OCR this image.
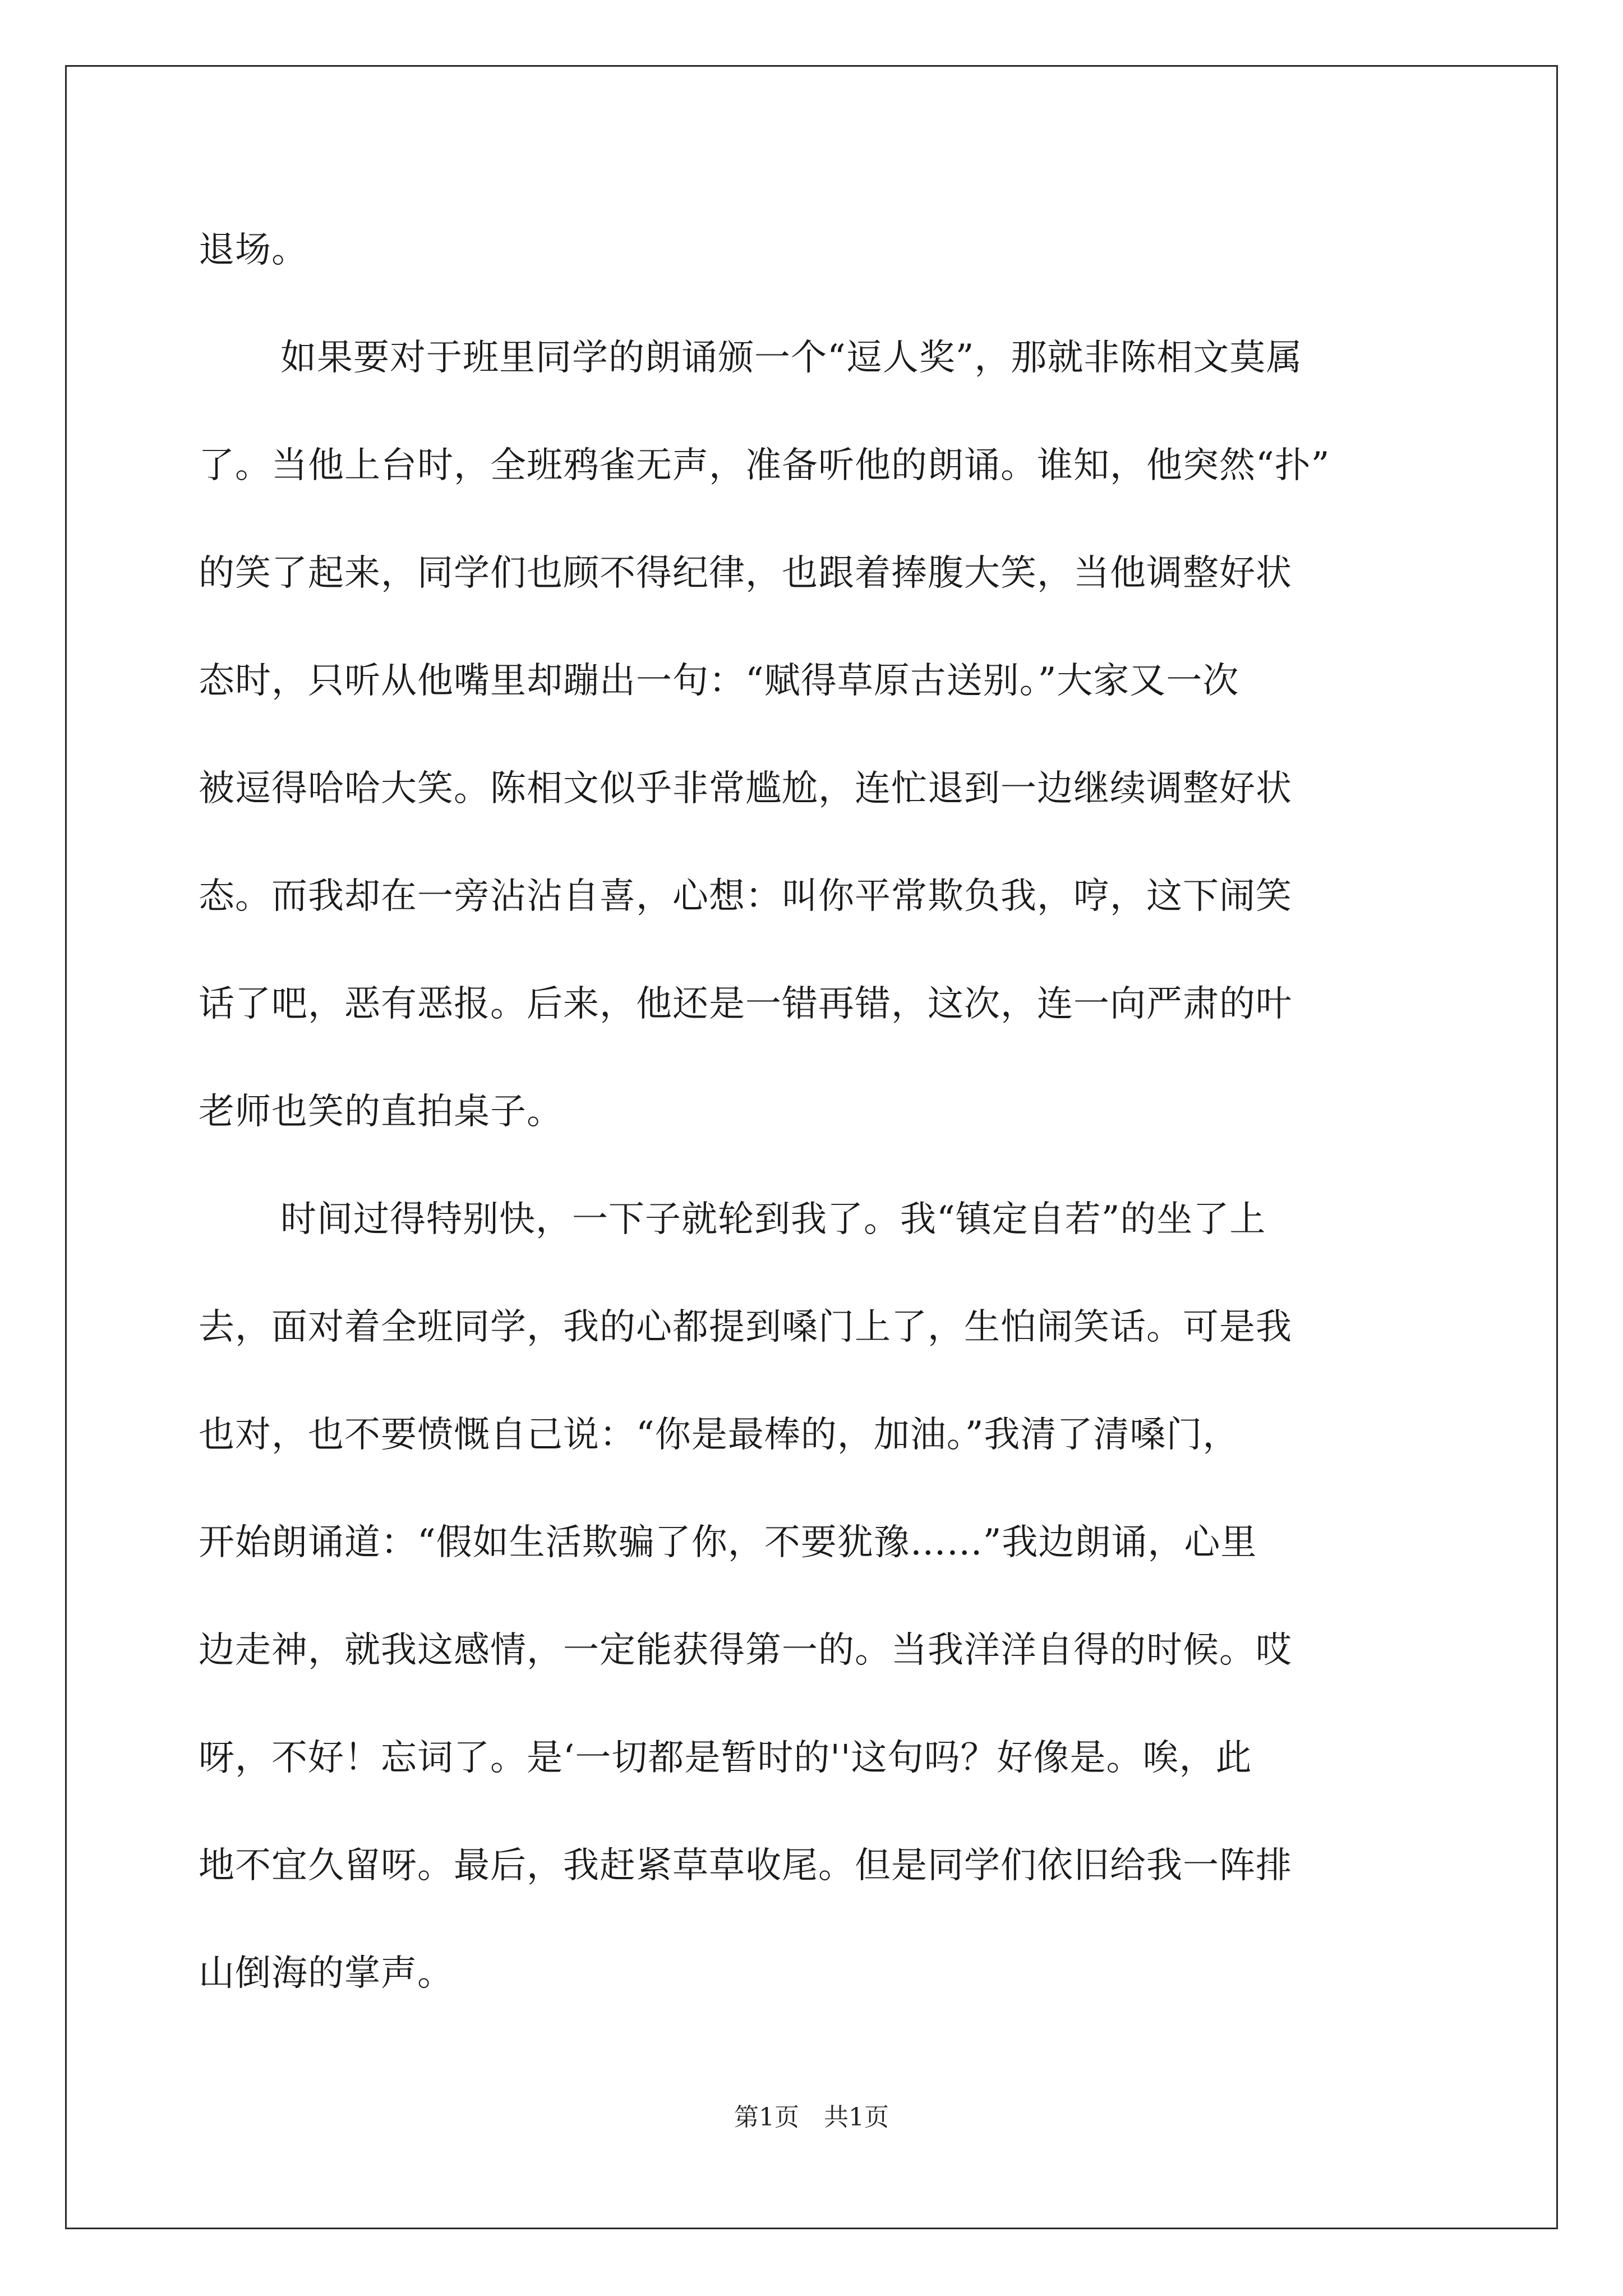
退场。
如果要对于班里同学的朗诵颁一个“逗人奖”，那就非陈相文莫属
了。当他上台时，全班鸦雀无声，准备听他的朗诵。谁知，他突然“扑”
的笑了起来，同学们也顾不得纪律，也跟着捧腹大笑，当他调整好状
态时，只听从他嘴里却蹦出一句：“赋得草原古送别。”大家又一次
被逗得哈哈大笑。陈相文似乎非常尴尬，连忙退到一边继续调整好状
态。而我却在一旁沾沾自喜，心想：叫你平常欺负我，哼，这下闹笑
话了吧，恶有恶报。后来，他还是一错再错，这次，连一向严肃的叶
老师也笑的直拍桌子。
时间过得特别快，一下子就轮到我了。我“镇定自若”的坐了上
去，面对着全班同学，我的心都提到嗓门上了，生怕闹笑话。可是我
也对，也不要愤慨自己说：“你是最棒的，加油。”我清了清嗓门，
开始朗诵道：“假如生活欺骗了你，不要犹豫……”我边朗诵，心里
边走神，就我这感情，一定能获得第一的。当我洋洋自得的时候。哎
呀，不好！忘词了。是‘一切都是暂时的''这句吗？好像是。唉，此
地不宜久留呀。最后，我赶紧草草收尾。但是同学们依旧给我一阵排
山倒海的掌声。
第1页　共1页
